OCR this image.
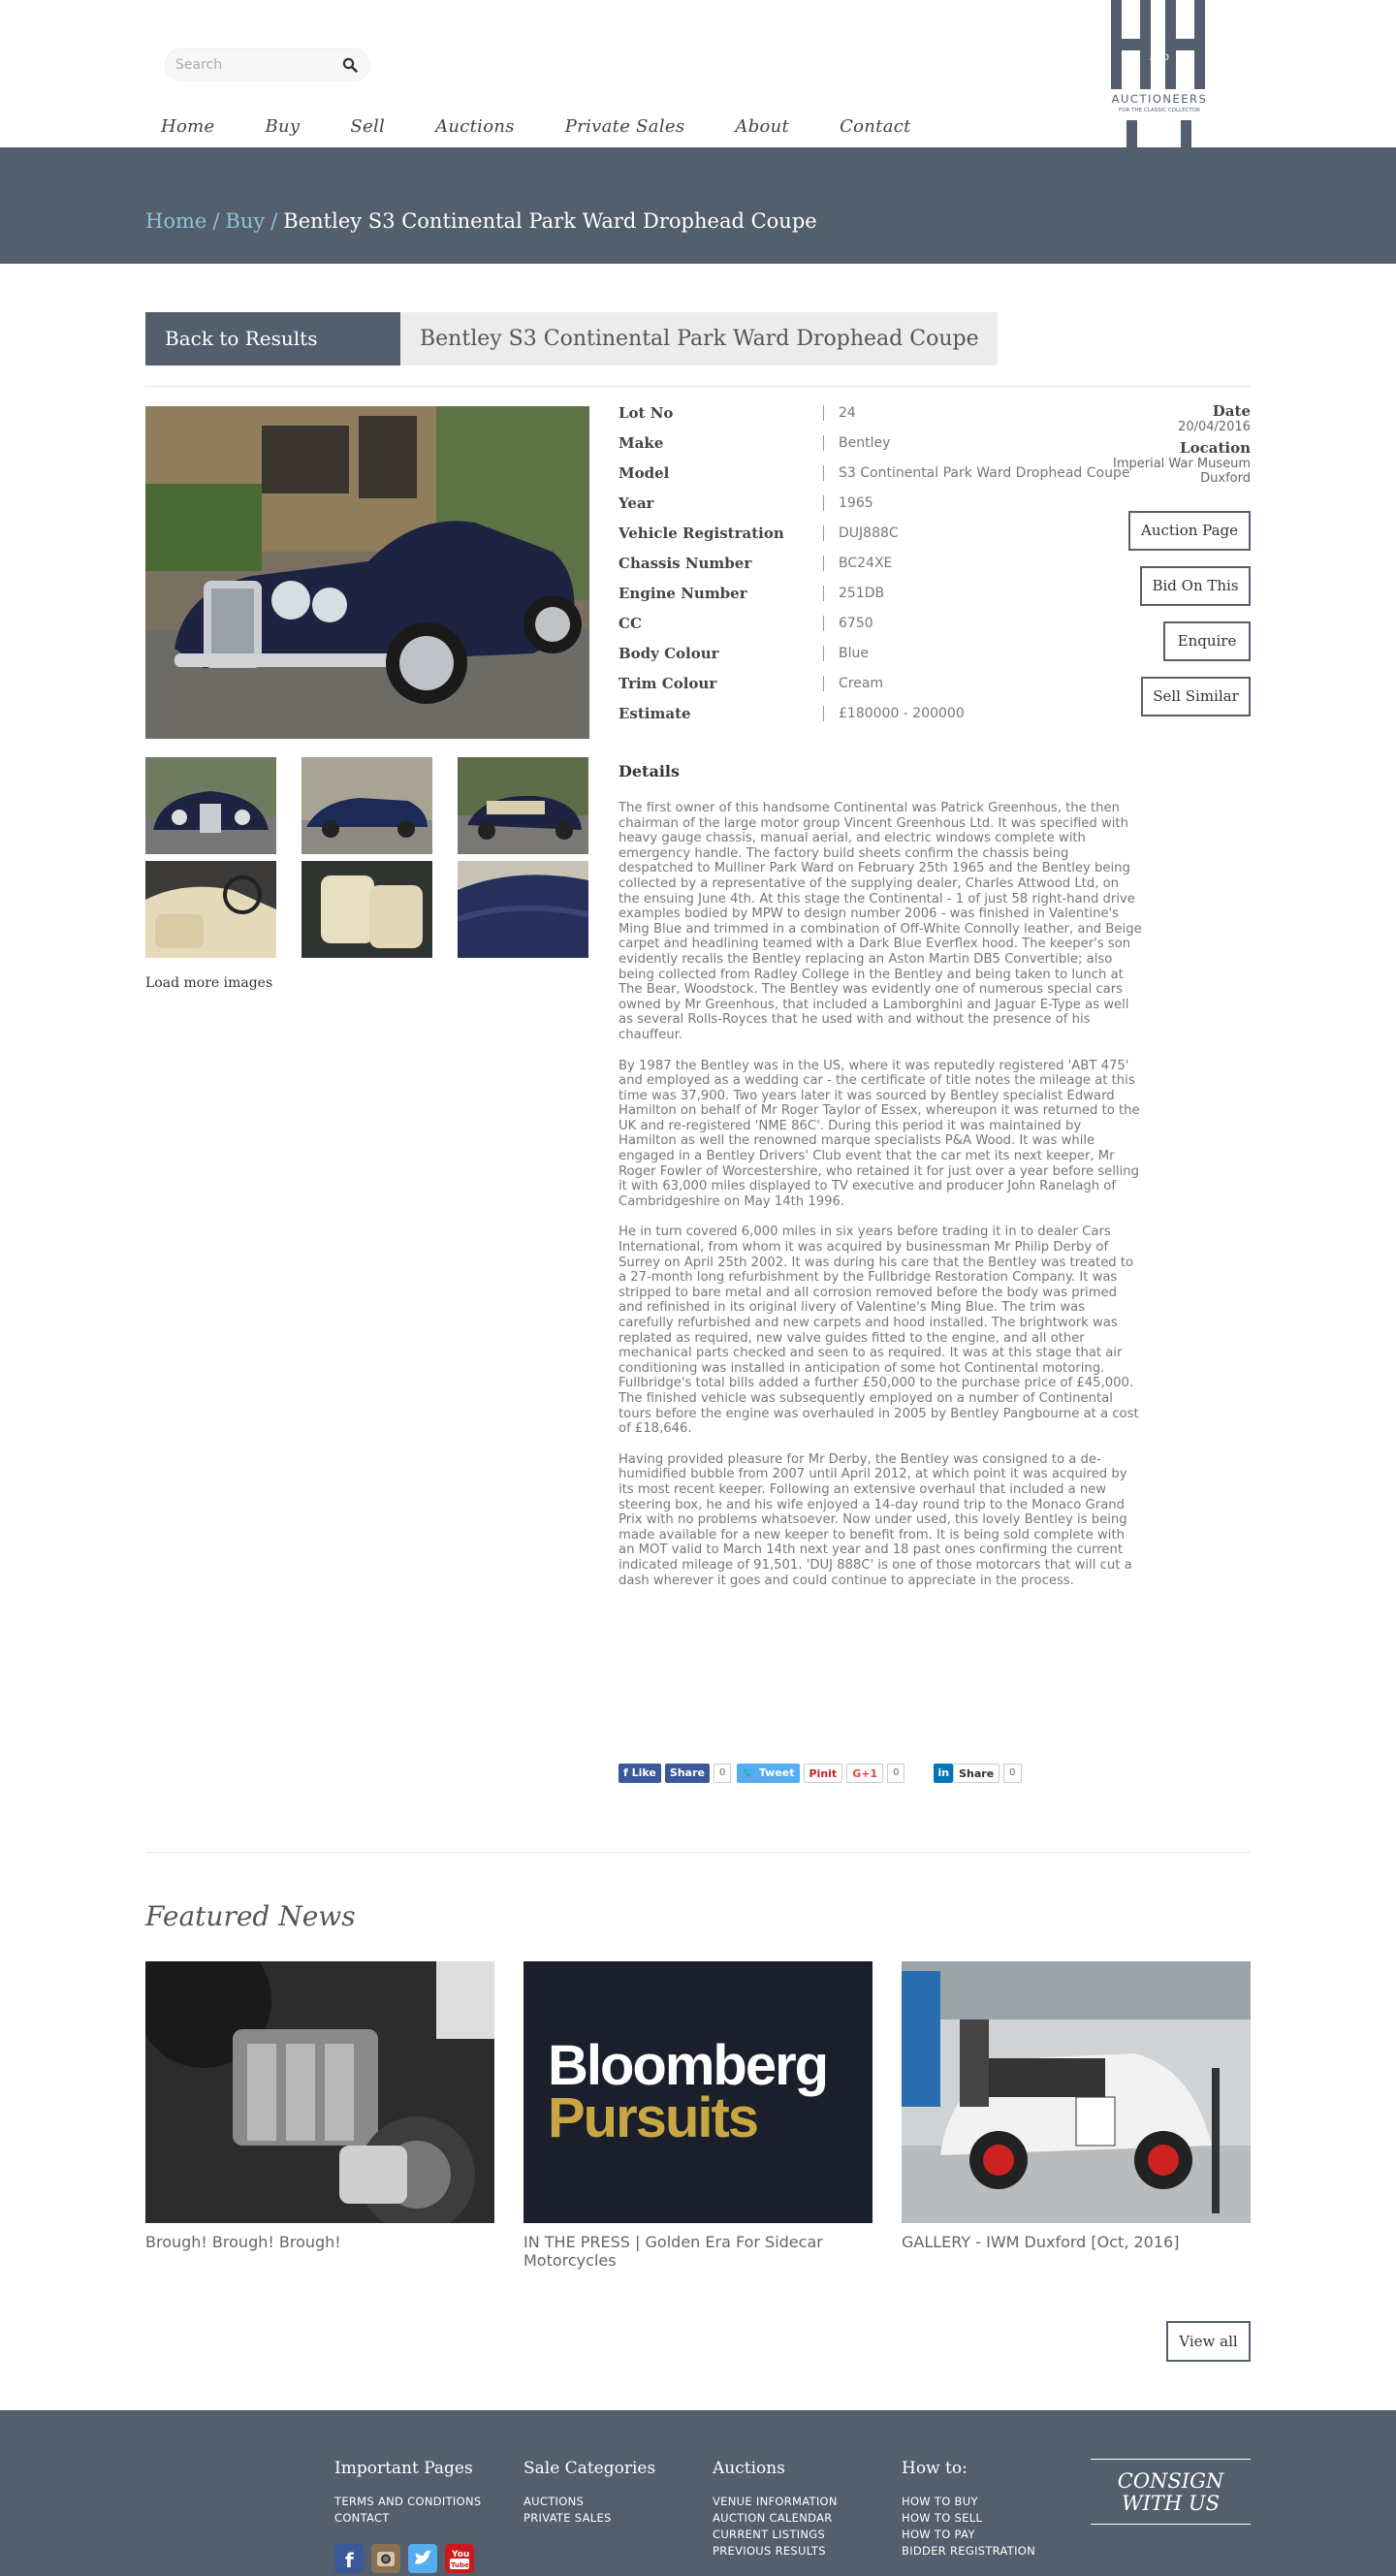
Search
AND
AUCTIONEERS
FOR THE CLASSIC COLLECTOR
Home	Buy	Sell	Auctions	Private Sales	About	Contact
Home / Buy / Bentley S3 Continental Park Ward Drophead Coupe
Back to Results	Bentley S3 Continental Park Ward Drophead Coupe
Load more images
Lot No	24
Make	Bentley
Model	S3 Continental Park Ward Drophead Coupe
Year	1965
Vehicle Registration	DUJ888C
Chassis Number	BC24XE
Engine Number	251DB
CC	6750
Body Colour	Blue
Trim Colour	Cream
Estimate	£180000 - 200000
Date
20/04/2016
Location
Imperial War Museum
Duxford
Auction Page
Bid On This
Enquire
Sell Similar
Details

The first owner of this handsome Continental was Patrick Greenhous, the then chairman of the large motor group Vincent Greenhous Ltd. It was specified with heavy gauge chassis, manual aerial, and electric windows complete with emergency handle. The factory build sheets confirm the chassis being despatched to Mulliner Park Ward on February 25th 1965 and the Bentley being collected by a representative of the supplying dealer, Charles Attwood Ltd, on the ensuing June 4th. At this stage the Continental - 1 of just 58 right-hand drive examples bodied by MPW to design number 2006 - was finished in Valentine's Ming Blue and trimmed in a combination of Off-White Connolly leather, and Beige carpet and headlining teamed with a Dark Blue Everflex hood. The keeper's son evidently recalls the Bentley replacing an Aston Martin DB5 Convertible; also being collected from Radley College in the Bentley and being taken to lunch at The Bear, Woodstock. The Bentley was evidently one of numerous special cars owned by Mr Greenhous, that included a Lamborghini and Jaguar E-Type as well as several Rolls-Royces that he used with and without the presence of his chauffeur.

By 1987 the Bentley was in the US, where it was reputedly registered 'ABT 475' and employed as a wedding car - the certificate of title notes the mileage at this time was 37,900. Two years later it was sourced by Bentley specialist Edward Hamilton on behalf of Mr Roger Taylor of Essex, whereupon it was returned to the UK and re-registered 'NME 86C'. During this period it was maintained by Hamilton as well the renowned marque specialists P&A Wood. It was while engaged in a Bentley Drivers' Club event that the car met its next keeper, Mr Roger Fowler of Worcestershire, who retained it for just over a year before selling it with 63,000 miles displayed to TV executive and producer John Ranelagh of Cambridgeshire on May 14th 1996.

He in turn covered 6,000 miles in six years before trading it in to dealer Cars International, from whom it was acquired by businessman Mr Philip Derby of Surrey on April 25th 2002. It was during his care that the Bentley was treated to a 27-month long refurbishment by the Fullbridge Restoration Company. It was stripped to bare metal and all corrosion removed before the body was primed and refinished in its original livery of Valentine's Ming Blue. The trim was carefully refurbished and new carpets and hood installed. The brightwork was replated as required, new valve guides fitted to the engine, and all other mechanical parts checked and seen to as required. It was at this stage that air conditioning was installed in anticipation of some hot Continental motoring. Fullbridge's total bills added a further £50,000 to the purchase price of £45,000. The finished vehicle was subsequently employed on a number of Continental tours before the engine was overhauled in 2005 by Bentley Pangbourne at a cost of £18,646.

Having provided pleasure for Mr Derby, the Bentley was consigned to a de-humidified bubble from 2007 until April 2012, at which point it was acquired by its most recent keeper. Following an extensive overhaul that included a new steering box, he and his wife enjoyed a 14-day round trip to the Monaco Grand Prix with no problems whatsoever. Now under used, this lovely Bentley is being made available for a new keeper to benefit from. It is being sold complete with an MOT valid to March 14th next year and 18 past ones confirming the current indicated mileage of 91,501. 'DUJ 888C' is one of those motorcars that will cut a dash wherever it goes and could continue to appreciate in the process.

f Like	Share	0	🐦 Tweet	Pinit	G+1	0	in Share	0
Featured News
Brough! Brough! Brough!
Bloomberg
Pursuits
IN THE PRESS | Golden Era For Sidecar Motorcycles
GALLERY - IWM Duxford [Oct, 2016]
View all
Important Pages
TERMS AND CONDITIONS
CONTACT
Sale Categories
AUCTIONS
PRIVATE SALES
Auctions
VENUE INFORMATION
AUCTION CALENDAR
CURRENT LISTINGS
PREVIOUS RESULTS
How to:
HOW TO BUY
HOW TO SELL
HOW TO PAY
BIDDER REGISTRATION
f	You
Tube
CONSIGN
WITH US
